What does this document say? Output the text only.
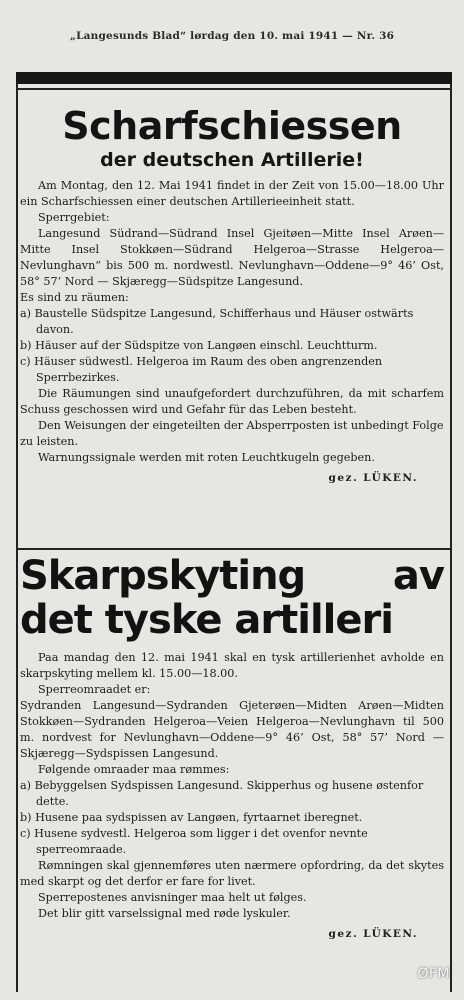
„Langesunds Blad“ lørdag den 10. mai 1941 — Nr. 36
Scharfschiessen
der deutschen Artillerie!

Am Montag, den 12. Mai 1941 findet in der Zeit von 15.00—18.00 Uhr ein Scharfschiessen einer deutschen Artillerieeinheit statt.

Sperrgebiet:

Langesund Südrand—Südrand Insel Gjeitøen—Mitte Insel Arøen—Mitte Insel Stokkøen—Südrand Helgeroa—Strasse Helgeroa—Nevlunghavn“ bis 500 m. nordwestl. Nevlunghavn—Oddene—9° 46’ Ost, 58° 57’ Nord — Skjæregg—Südspitze Langesund.

Es sind zu räumen:

a) Baustelle Südspitze Langesund, Schifferhaus und Häuser ostwärts davon.

b) Häuser auf der Südspitze von Langøen einschl. Leuchtturm.

c) Häuser südwestl. Helgeroa im Raum des oben angrenzenden Sperrbezirkes.

Die Räumungen sind unaufgefordert durchzuführen, da mit scharfem Schuss geschossen wird und Gefahr für das Leben besteht.

Den Weisungen der eingeteilten der Absperrposten ist unbedingt Folge zu leisten.

Warnungssignale werden mit roten Leuchtkugeln gegeben.

gez. LÜKEN.
Skarpskyting av
det tyske artilleri

Paa mandag den 12. mai 1941 skal en tysk artillerienhet avholde en skarpskyting mellem kl. 15.00—18.00.

Sperreomraadet er:

Sydranden Langesund—Sydranden Gjeterøen—Midten Arøen—Midten Stokkøen—Sydranden Helgeroa—Veien Helgeroa—Nevlunghavn til 500 m. nordvest for Nevlunghavn—Oddene—9° 46’ Ost, 58° 57’ Nord — Skjæregg—Sydspissen Langesund.

Følgende omraader maa rømmes:

a) Bebyggelsen Sydspissen Langesund. Skipperhus og husene østenfor dette.

b) Husene paa sydspissen av Langøen, fyrtaarnet iberegnet.

c) Husene sydvestl. Helgeroa som ligger i det ovenfor nevnte sperreomraade.

Rømningen skal gjennemføres uten nærmere opfordring, da det skytes med skarpt og det derfor er fare for livet.

Sperrepostenes anvisninger maa helt ut følges.

Det blir gitt varselssignal med røde lyskuler.

gez. LÜKEN.
ØFM
